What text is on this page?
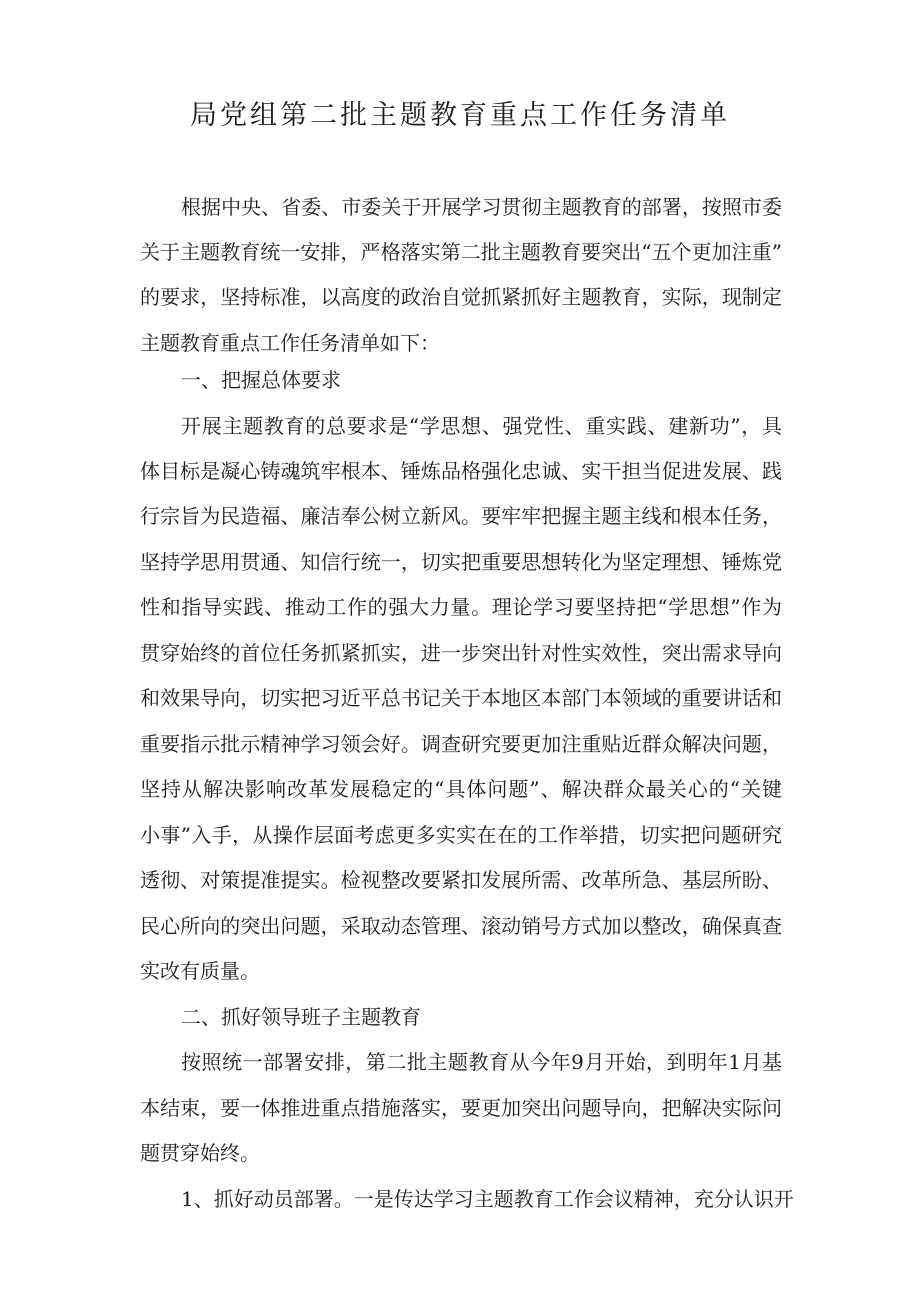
局党组第二批主题教育重点工作任务清单
根据中央、省委、市委关于开展学习贯彻主题教育的部署，按照市委
关于主题教育统一安排，严格落实第二批主题教育要突出“五个更加注重”
的要求，坚持标准，以高度的政治自觉抓紧抓好主题教育，实际，现制定
主题教育重点工作任务清单如下：
一、把握总体要求
开展主题教育的总要求是“学思想、强党性、重实践、建新功”，具
体目标是凝心铸魂筑牢根本、锤炼品格强化忠诚、实干担当促进发展、践
行宗旨为民造福、廉洁奉公树立新风。要牢牢把握主题主线和根本任务，
坚持学思用贯通、知信行统一，切实把重要思想转化为坚定理想、锤炼党
性和指导实践、推动工作的强大力量。理论学习要坚持把“学思想”作为
贯穿始终的首位任务抓紧抓实，进一步突出针对性实效性，突出需求导向
和效果导向，切实把习近平总书记关于本地区本部门本领域的重要讲话和
重要指示批示精神学习领会好。调查研究要更加注重贴近群众解决问题，
坚持从解决影响改革发展稳定的“具体问题”、解决群众最关心的“关键
小事”入手，从操作层面考虑更多实实在在的工作举措，切实把问题研究
透彻、对策提准提实。检视整改要紧扣发展所需、改革所急、基层所盼、
民心所向的突出问题，采取动态管理、滚动销号方式加以整改，确保真查
实改有质量。
二、抓好领导班子主题教育
按照统一部署安排，第二批主题教育从今年9月开始，到明年1月基
本结束，要一体推进重点措施落实，要更加突出问题导向，把解决实际问
题贯穿始终。
1、抓好动员部署。一是传达学习主题教育工作会议精神，充分认识开
